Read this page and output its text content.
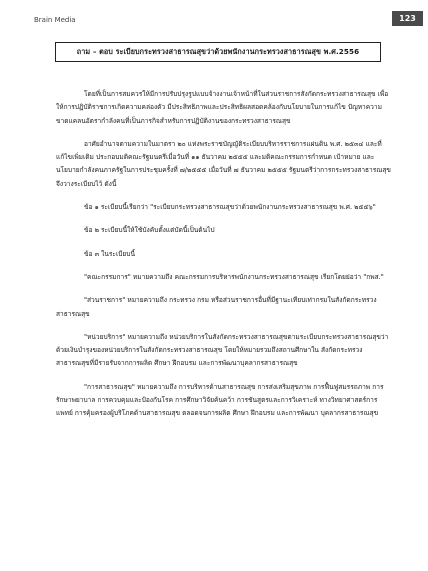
Brain Media	123
ถาม – ตอบ ระเบียบกระทรวงสาธารณสุขว่าด้วยพนักงานกระทรวงสาธารณสุข พ.ศ.2556

โดยที่เป็นการสมควรให้มีการปรับปรุงรูปแบบจ้างงานเจ้าหน้าที่ในส่วนราชการสังกัดกระทรวงสาธารณสุข เพื่อให้การปฏิบัติราชการเกิดความคล่องตัว มีประสิทธิภาพและประสิทธิผลสอดคล้องกับนโยบายในการแก้ไข ปัญหาความขาดแคลนอัตรากำลังคนที่เป็นภารกิจสำหรับการปฏิบัติงานของกระทรวงสาธารณสุข

อาศัยอำนาจตามความในมาตรา ๒๐ แห่งพระราชบัญญัติระเบียบบริหารราชการแผ่นดิน พ.ศ. ๒๕๓๔ และที่แก้ไขเพิ่มเติม ประกอบมติคณะรัฐมนตรีเมื่อวันที่ ๑๑ ธันวาคม ๒๕๕๕ และมติคณะกรรมการกำหนด เป้าหมาย และนโยบายกำลังคนภาครัฐในการประชุมครั้งที่ ๗/๒๕๕๕ เมื่อวันที่ ๗ ธันวาคม ๒๕๕๕ รัฐมนตรีว่าการกระทรวงสาธารณสุขจึงวางระเบียบไว้ ดังนี้

ข้อ ๑ ระเบียบนี้เรียกว่า "ระเบียบกระทรวงสาธารณสุขว่าด้วยพนักงานกระทรวงสาธารณสุข พ.ศ. ๒๕๕๖"

ข้อ ๒ ระเบียบนี้ให้ใช้บังคับตั้งแต่บัดนี้เป็นต้นไป

ข้อ ๓ ในระเบียบนี้

"คณะกรรมการ" หมายความถึง คณะกรรมการบริหารพนักงานกระทรวงสาธารณสุข เรียกโดยย่อว่า "กพส."

"ส่วนราชการ" หมายความถึง กระทรวง กรม หรือส่วนราชการอื่นที่มีฐานะเทียบเท่ากรมในสังกัดกระทรวงสาธารณสุข

"หน่วยบริการ" หมายความถึง หน่วยบริการในสังกัดกระทรวงสาธารณสุขตามระเบียบกระทรวงสาธารณสุขว่าด้วยเงินบำรุงของหน่วยบริการในสังกัดกระทรวงสาธารณสุข โดยให้หมายรวมถึงสถานศึกษาใน สังกัดกระทรวงสาธารณสุขที่มีรายรับจากการผลิต ศึกษา ฝึกอบรม และการพัฒนาบุคลากรสาธารณสุข

"การสาธารณสุข" หมายความถึง การบริหารด้านสาธารณสุข การส่งเสริมสุขภาพ การฟื้นฟูสมรรถภาพ การรักษาพยาบาล การควบคุมและป้องกันโรค การศึกษาวิจัยค้นคว้า การชันสูตรและการวิเคราะห์ ทางวิทยาศาสตร์การแพทย์ การคุ้มครองผู้บริโภคด้านสาธารณสุข ตลอดจนการผลิต ศึกษา ฝึกอบรม และการพัฒนา บุคลากรสาธารณสุข
